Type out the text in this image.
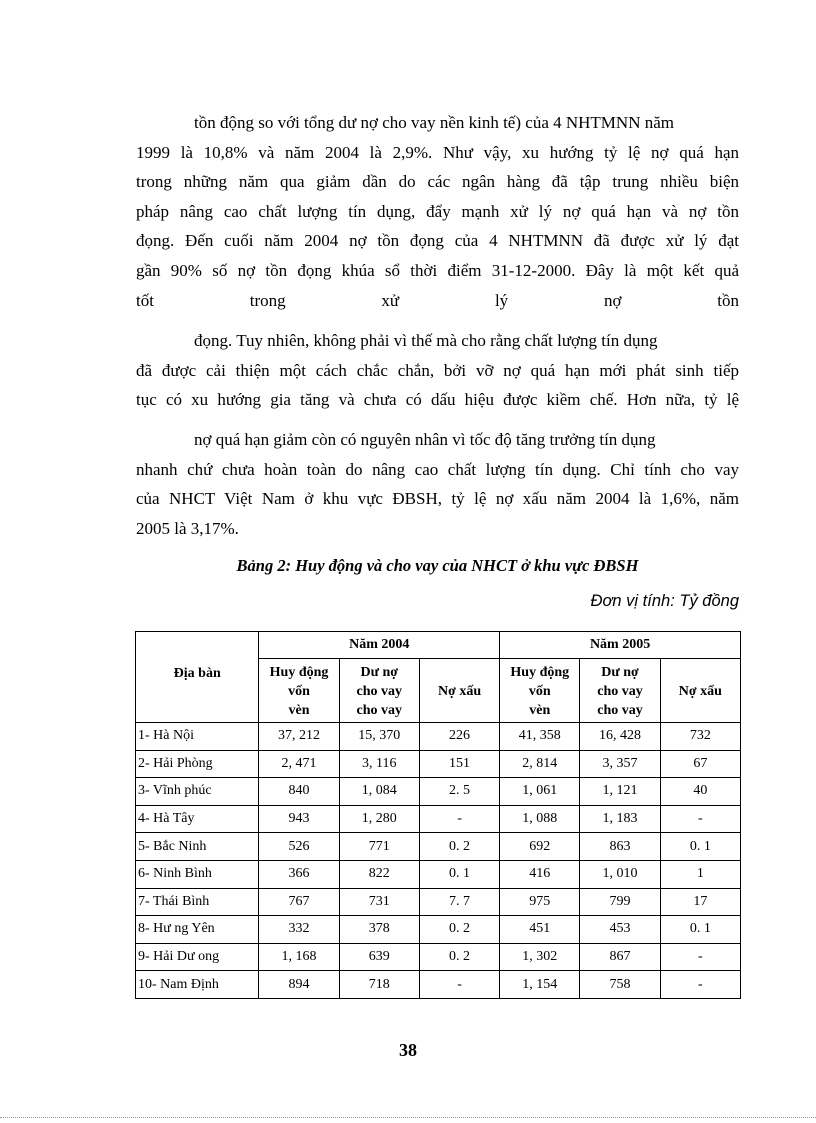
tồn động so với tổng dư nợ cho vay nền kinh tế) của 4 NHTMNN năm
1999 là 10,8% và năm 2004 là 2,9%. Như vậy, xu hướng tỷ lệ nợ quá hạn
trong những năm qua giảm dần do các ngân hàng đã tập trung nhiều biện
pháp nâng cao chất lượng tín dụng, đẩy mạnh xử lý nợ quá hạn và nợ tồn
đọng. Đến cuối năm 2004 nợ tồn đọng của 4 NHTMNN đã được xử lý đạt
gần 90% số nợ tồn đọng khúa sổ thời điểm 31-12-2000. Đây là một kết quả
tốt trong xử lý nợ tồn
đọng. Tuy nhiên, không phải vì thế mà cho rằng chất lượng tín dụng
đã được cải thiện một cách chắc chắn, bởi vỡ nợ quá hạn mới phát sinh tiếp
tục có xu hướng gia tăng và chưa có dấu hiệu được kiềm chế. Hơn nữa, tỷ lệ
nợ quá hạn giảm còn có nguyên nhân vì tốc độ tăng trưởng tín dụng
nhanh chứ chưa hoàn toàn do nâng cao chất lượng tín dụng. Chỉ tính cho vay
của NHCT Việt Nam ở khu vực ĐBSH, tỷ lệ nợ xấu năm 2004 là 1,6%, năm
2005 là 3,17%.
Bảng 2: Huy động và cho vay của NHCT ở khu vực ĐBSH
Đơn vị tính: Tỷ đồng
Địa bàn	Năm 2004			Năm 2005		
	Huy động
vốn
vèn	Dư nợ
cho vay
cho vay	Nợ xấu	Huy động
vốn
vèn	Dư nợ
cho vay
cho vay	Nợ xấu
1- Hà Nội	37, 212	15, 370	226	41, 358	16, 428	732
2- Hải Phòng	2, 471	3, 116	151	2, 814	3, 357	67
3- Vĩnh phúc	840	1, 084	2. 5	1, 061	1, 121	40
4- Hà Tây	943	1, 280	-	1, 088	1, 183	-
5- Bắc Ninh	526	771	0. 2	692	863	0. 1
6- Ninh Bình	366	822	0. 1	416	1, 010	1
7- Thái Bình	767	731	7. 7	975	799	17
8- Hư ng Yên	332	378	0. 2	451	453	0. 1
9- Hải Dư ong	1, 168	639	0. 2	1, 302	867	-
10- Nam Định	894	718	-	1, 154	758	-
38
